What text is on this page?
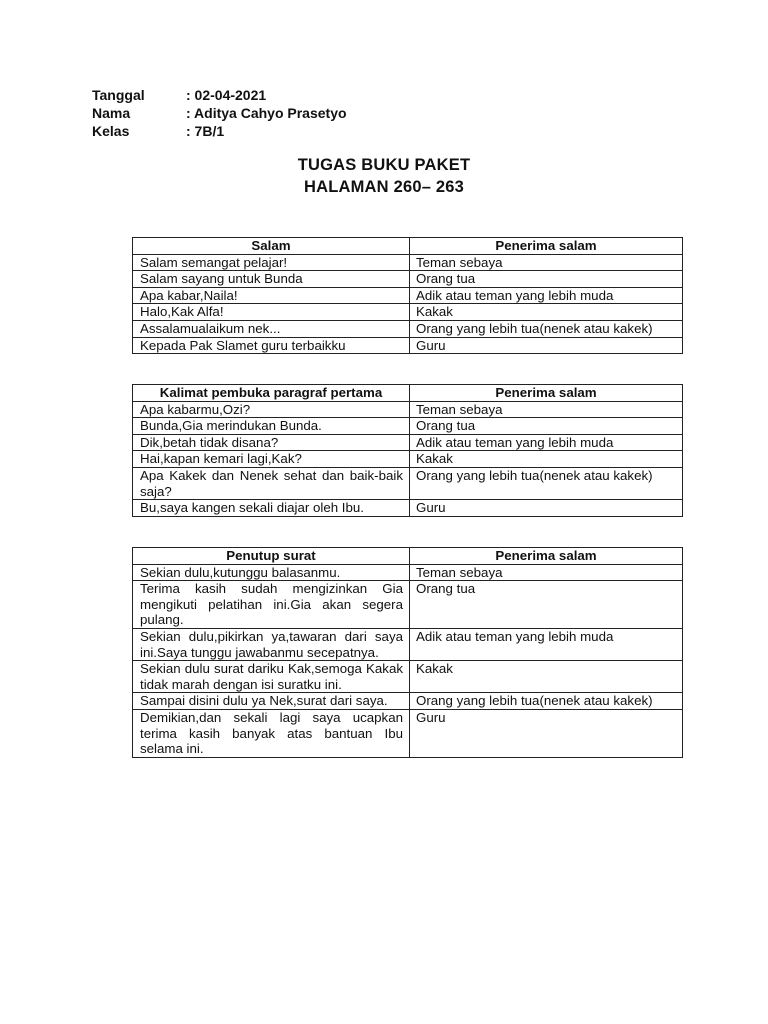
Tanggal	: 02-04-2021
Nama	: Aditya Cahyo Prasetyo
Kelas	: 7B/1
TUGAS BUKU PAKET
HALAMAN 260– 263
Salam	Penerima salam
Salam semangat pelajar!	Teman sebaya
Salam sayang untuk Bunda	Orang tua
Apa kabar,Naila!	Adik atau teman yang lebih muda
Halo,Kak Alfa!	Kakak
Assalamualaikum nek...	Orang yang lebih tua(nenek atau kakek)
Kepada Pak Slamet guru terbaikku	Guru
Kalimat pembuka paragraf pertama	Penerima salam
Apa kabarmu,Ozi?	Teman sebaya
Bunda,Gia merindukan Bunda.	Orang tua
Dik,betah tidak disana?	Adik atau teman yang lebih muda
Hai,kapan kemari lagi,Kak?	Kakak
Apa Kakek dan Nenek sehat dan baik-baik saja?	Orang yang lebih tua(nenek atau kakek)
Bu,saya kangen sekali diajar oleh Ibu.	Guru
Penutup surat	Penerima salam
Sekian dulu,kutunggu balasanmu.	Teman sebaya
Terima kasih sudah mengizinkan Gia mengikuti pelatihan ini.Gia akan segera pulang.	Orang tua
Sekian dulu,pikirkan ya,tawaran dari saya ini.Saya tunggu jawabanmu secepatnya.	Adik atau teman yang lebih muda
Sekian dulu surat dariku Kak,semoga Kakak tidak marah dengan isi suratku ini.	Kakak
Sampai disini dulu ya Nek,surat dari saya.	Orang yang lebih tua(nenek atau kakek)
Demikian,dan sekali lagi saya ucapkan terima kasih banyak atas bantuan Ibu selama ini.	Guru
